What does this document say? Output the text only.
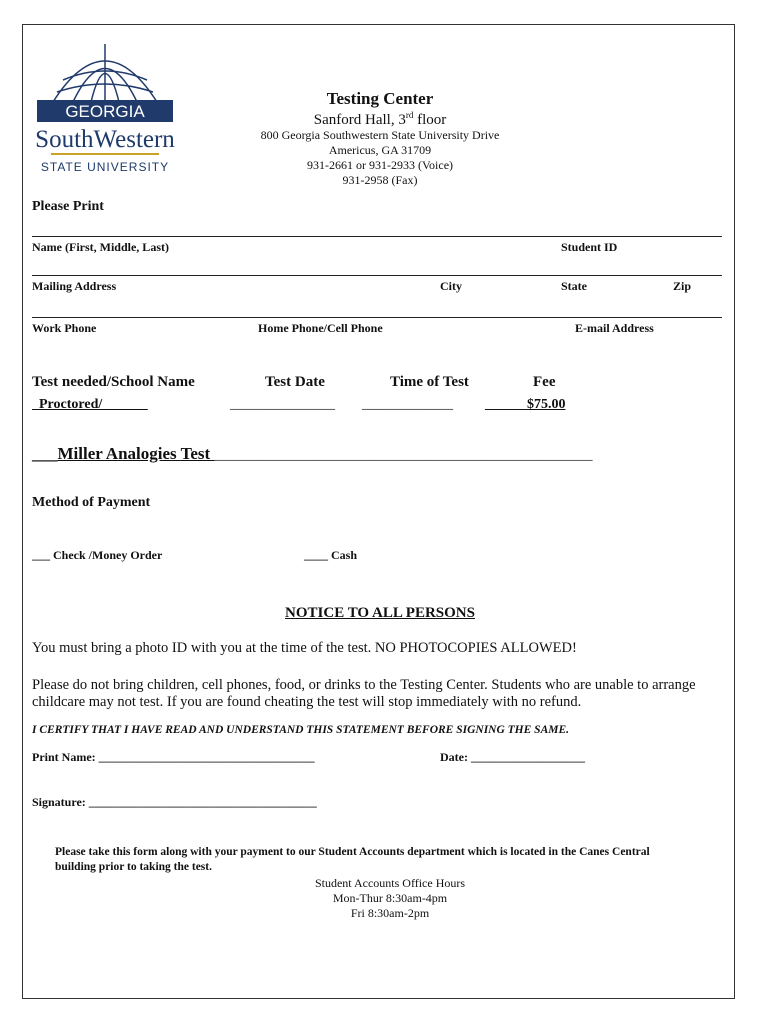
GEORGIA
SouthWestern
STATE UNIVERSITY
Testing Center
Sanford Hall, 3rd floor
800 Georgia Southwestern State University Drive
Americus, GA 31709
931-2661 or 931-2933 (Voice)
931-2958 (Fax)
Please Print
Name (First, Middle, Last)	Student ID
Mailing Address	City	State	Zip
Work Phone	Home Phone/Cell Phone	E-mail Address
Test needed/School Name	Test Date	Time of Test	Fee
Proctored/	_______________ _____________ ______$75.00
___Miller Analogies Test ______________________________________________________
Method of Payment
___ Check /Money Order	____ Cash
NOTICE TO ALL PERSONS
You must bring a photo ID with you at the time of the test. NO PHOTOCOPIES ALLOWED!
Please do not bring children, cell phones, food, or drinks to the Testing Center. Students who are unable to arrange
childcare may not test. If you are found cheating the test will stop immediately with no refund.
I CERTIFY THAT I HAVE READ AND UNDERSTAND THIS STATEMENT BEFORE SIGNING THE SAME.
Print Name: ____________________________________	Date: ___________________
Signature: ______________________________________
Please take this form along with your payment to our Student Accounts department which is located in the Canes Central
building prior to taking the test.
Student Accounts Office Hours
Mon-Thur 8:30am-4pm
Fri 8:30am-2pm
